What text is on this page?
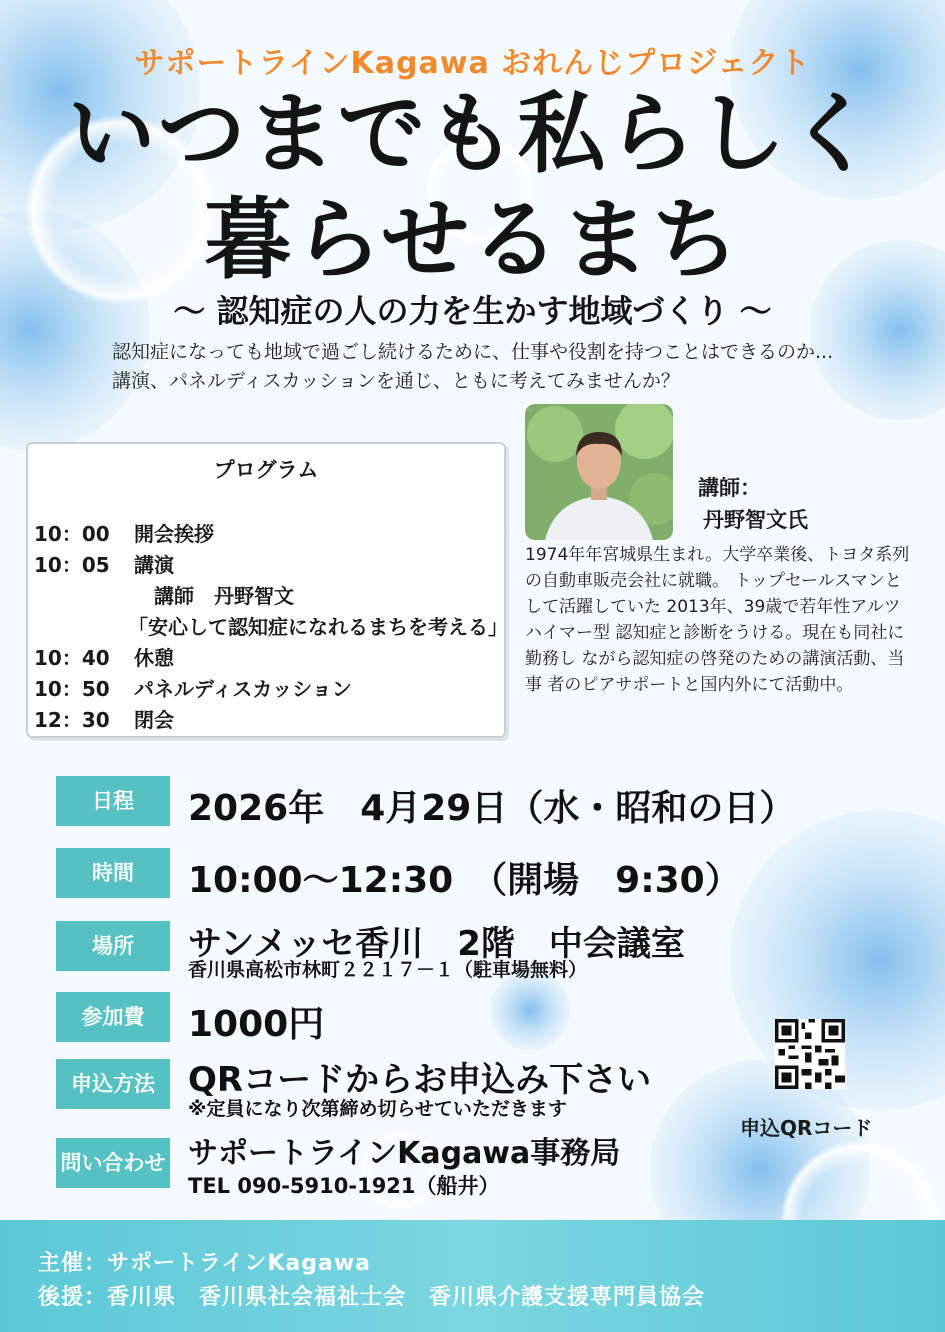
サポートラインKagawa おれんじプロジェクト
いつまでも私らしく
暮らせるまち
〜 認知症の人の力を生かす地域づくり 〜
認知症になっても地域で過ごし続けるために、仕事や役割を持つことはできるのか...講演、パネルディスカッションを通じ、ともに考えてみませんか？
プログラム
10：00 開会挨拶
10：05 講演
　講師　丹野智文
「安心して認知症になれるまちを考える」
10：40 休憩
10：50 パネルディスカッション
12：30 閉会
講師：
丹野智文氏
1974年年宮城県生まれ。大学卒業後、トヨタ系列の自動車販売会社に就職。 トップセールスマンとして活躍していた 2013年、39歳で若年性アルツハイマー型 認知症と診断をうける。現在も同社に勤務し ながら認知症の啓発のための講演活動、当事 者のピアサポートと国内外にて活動中。
日程	2026年　4月29日（水・昭和の日）
時間	10:00〜12:30　（開場　9:30）
場所	サンメッセ香川　2階　中会議室
香川県高松市林町２２１７－１（駐車場無料）
参加費	1000円
申込方法 QRコードからお申込み下さい
※定員になり次第締め切らせていただきます
問い合わせ サポートラインKagawa事務局
TEL 090-5910-1921（船井）
申込QRコード
主催：サポートラインKagawa
後援：香川県　香川県社会福祉士会　香川県介護支援専門員協会
